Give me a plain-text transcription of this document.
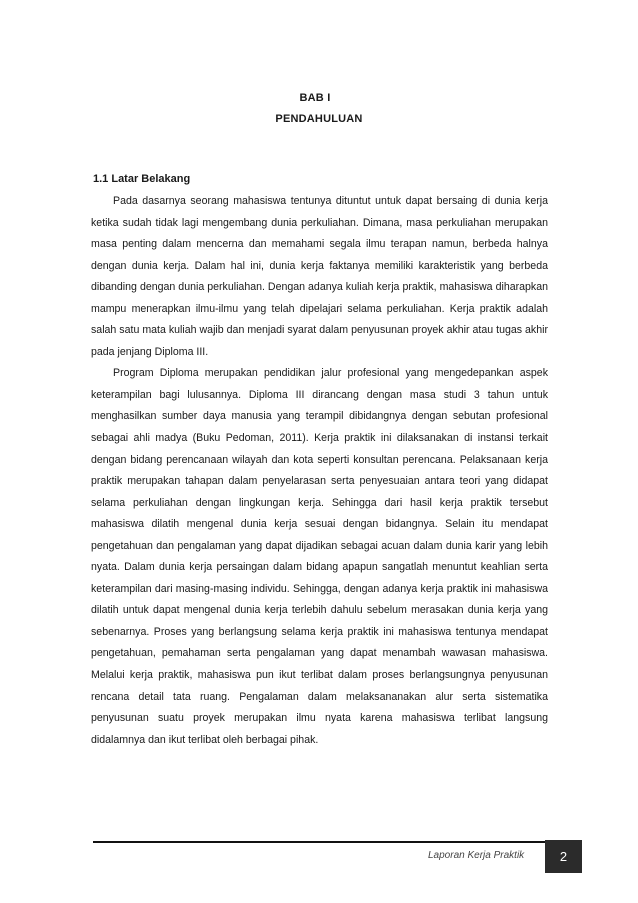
BAB I
PENDAHULUAN
1.1 Latar Belakang

Pada dasarnya seorang mahasiswa tentunya dituntut untuk dapat bersaing di dunia kerja ketika sudah tidak lagi mengembang dunia perkuliahan. Dimana, masa perkuliahan merupakan masa penting dalam mencerna dan memahami segala ilmu terapan namun, berbeda halnya dengan dunia kerja. Dalam hal ini, dunia kerja faktanya memiliki karakteristik yang berbeda dibanding dengan dunia perkuliahan. Dengan adanya kuliah kerja praktik, mahasiswa diharapkan mampu menerapkan ilmu-ilmu yang telah dipelajari selama perkuliahan. Kerja praktik adalah salah satu mata kuliah wajib dan menjadi syarat dalam penyusunan proyek akhir atau tugas akhir pada jenjang Diploma III.

Program Diploma merupakan pendidikan jalur profesional yang mengedepankan aspek keterampilan bagi lulusannya. Diploma III dirancang dengan masa studi 3 tahun untuk menghasilkan sumber daya manusia yang terampil dibidangnya dengan sebutan profesional sebagai ahli madya (Buku Pedoman, 2011). Kerja praktik ini dilaksanakan di instansi terkait dengan bidang perencanaan wilayah dan kota seperti konsultan perencana. Pelaksanaan kerja praktik merupakan tahapan dalam penyelarasan serta penyesuaian antara teori yang didapat selama perkuliahan dengan lingkungan kerja. Sehingga dari hasil kerja praktik tersebut mahasiswa dilatih mengenal dunia kerja sesuai dengan bidangnya. Selain itu mendapat pengetahuan dan pengalaman yang dapat dijadikan sebagai acuan dalam dunia karir yang lebih nyata. Dalam dunia kerja persaingan dalam bidang apapun sangatlah menuntut keahlian serta keterampilan dari masing-masing individu. Sehingga, dengan adanya kerja praktik ini mahasiswa dilatih untuk dapat mengenal dunia kerja terlebih dahulu sebelum merasakan dunia kerja yang sebenarnya. Proses yang berlangsung selama kerja praktik ini mahasiswa tentunya mendapat pengetahuan, pemahaman serta pengalaman yang dapat menambah wawasan mahasiswa. Melalui kerja praktik, mahasiswa pun ikut terlibat dalam proses berlangsungnya penyusunan rencana detail tata ruang. Pengalaman dalam melaksananakan alur serta sistematika penyusunan suatu proyek merupakan ilmu nyata karena mahasiswa terlibat langsung didalamnya dan ikut terlibat oleh berbagai pihak.

Laporan Kerja Praktik	2
